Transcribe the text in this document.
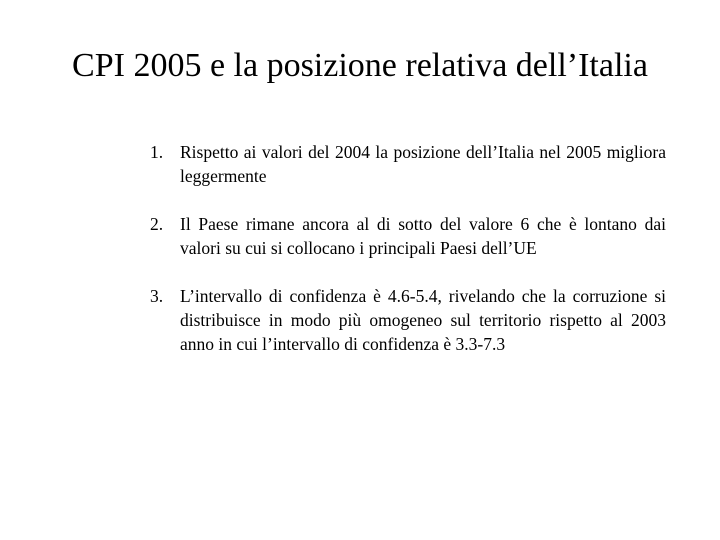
CPI 2005 e la posizione relativa dell’Italia
1. Rispetto ai valori del 2004 la posizione dell’Italia nel 2005 migliora leggermente
2. Il Paese rimane ancora al di sotto del valore 6 che è lontano dai valori su cui si collocano i principali Paesi dell’UE
3. L’intervallo di confidenza è 4.6-5.4, rivelando che la corruzione si distribuisce in modo più omogeneo sul territorio rispetto al 2003 anno in cui l’intervallo di confidenza è 3.3-7.3
